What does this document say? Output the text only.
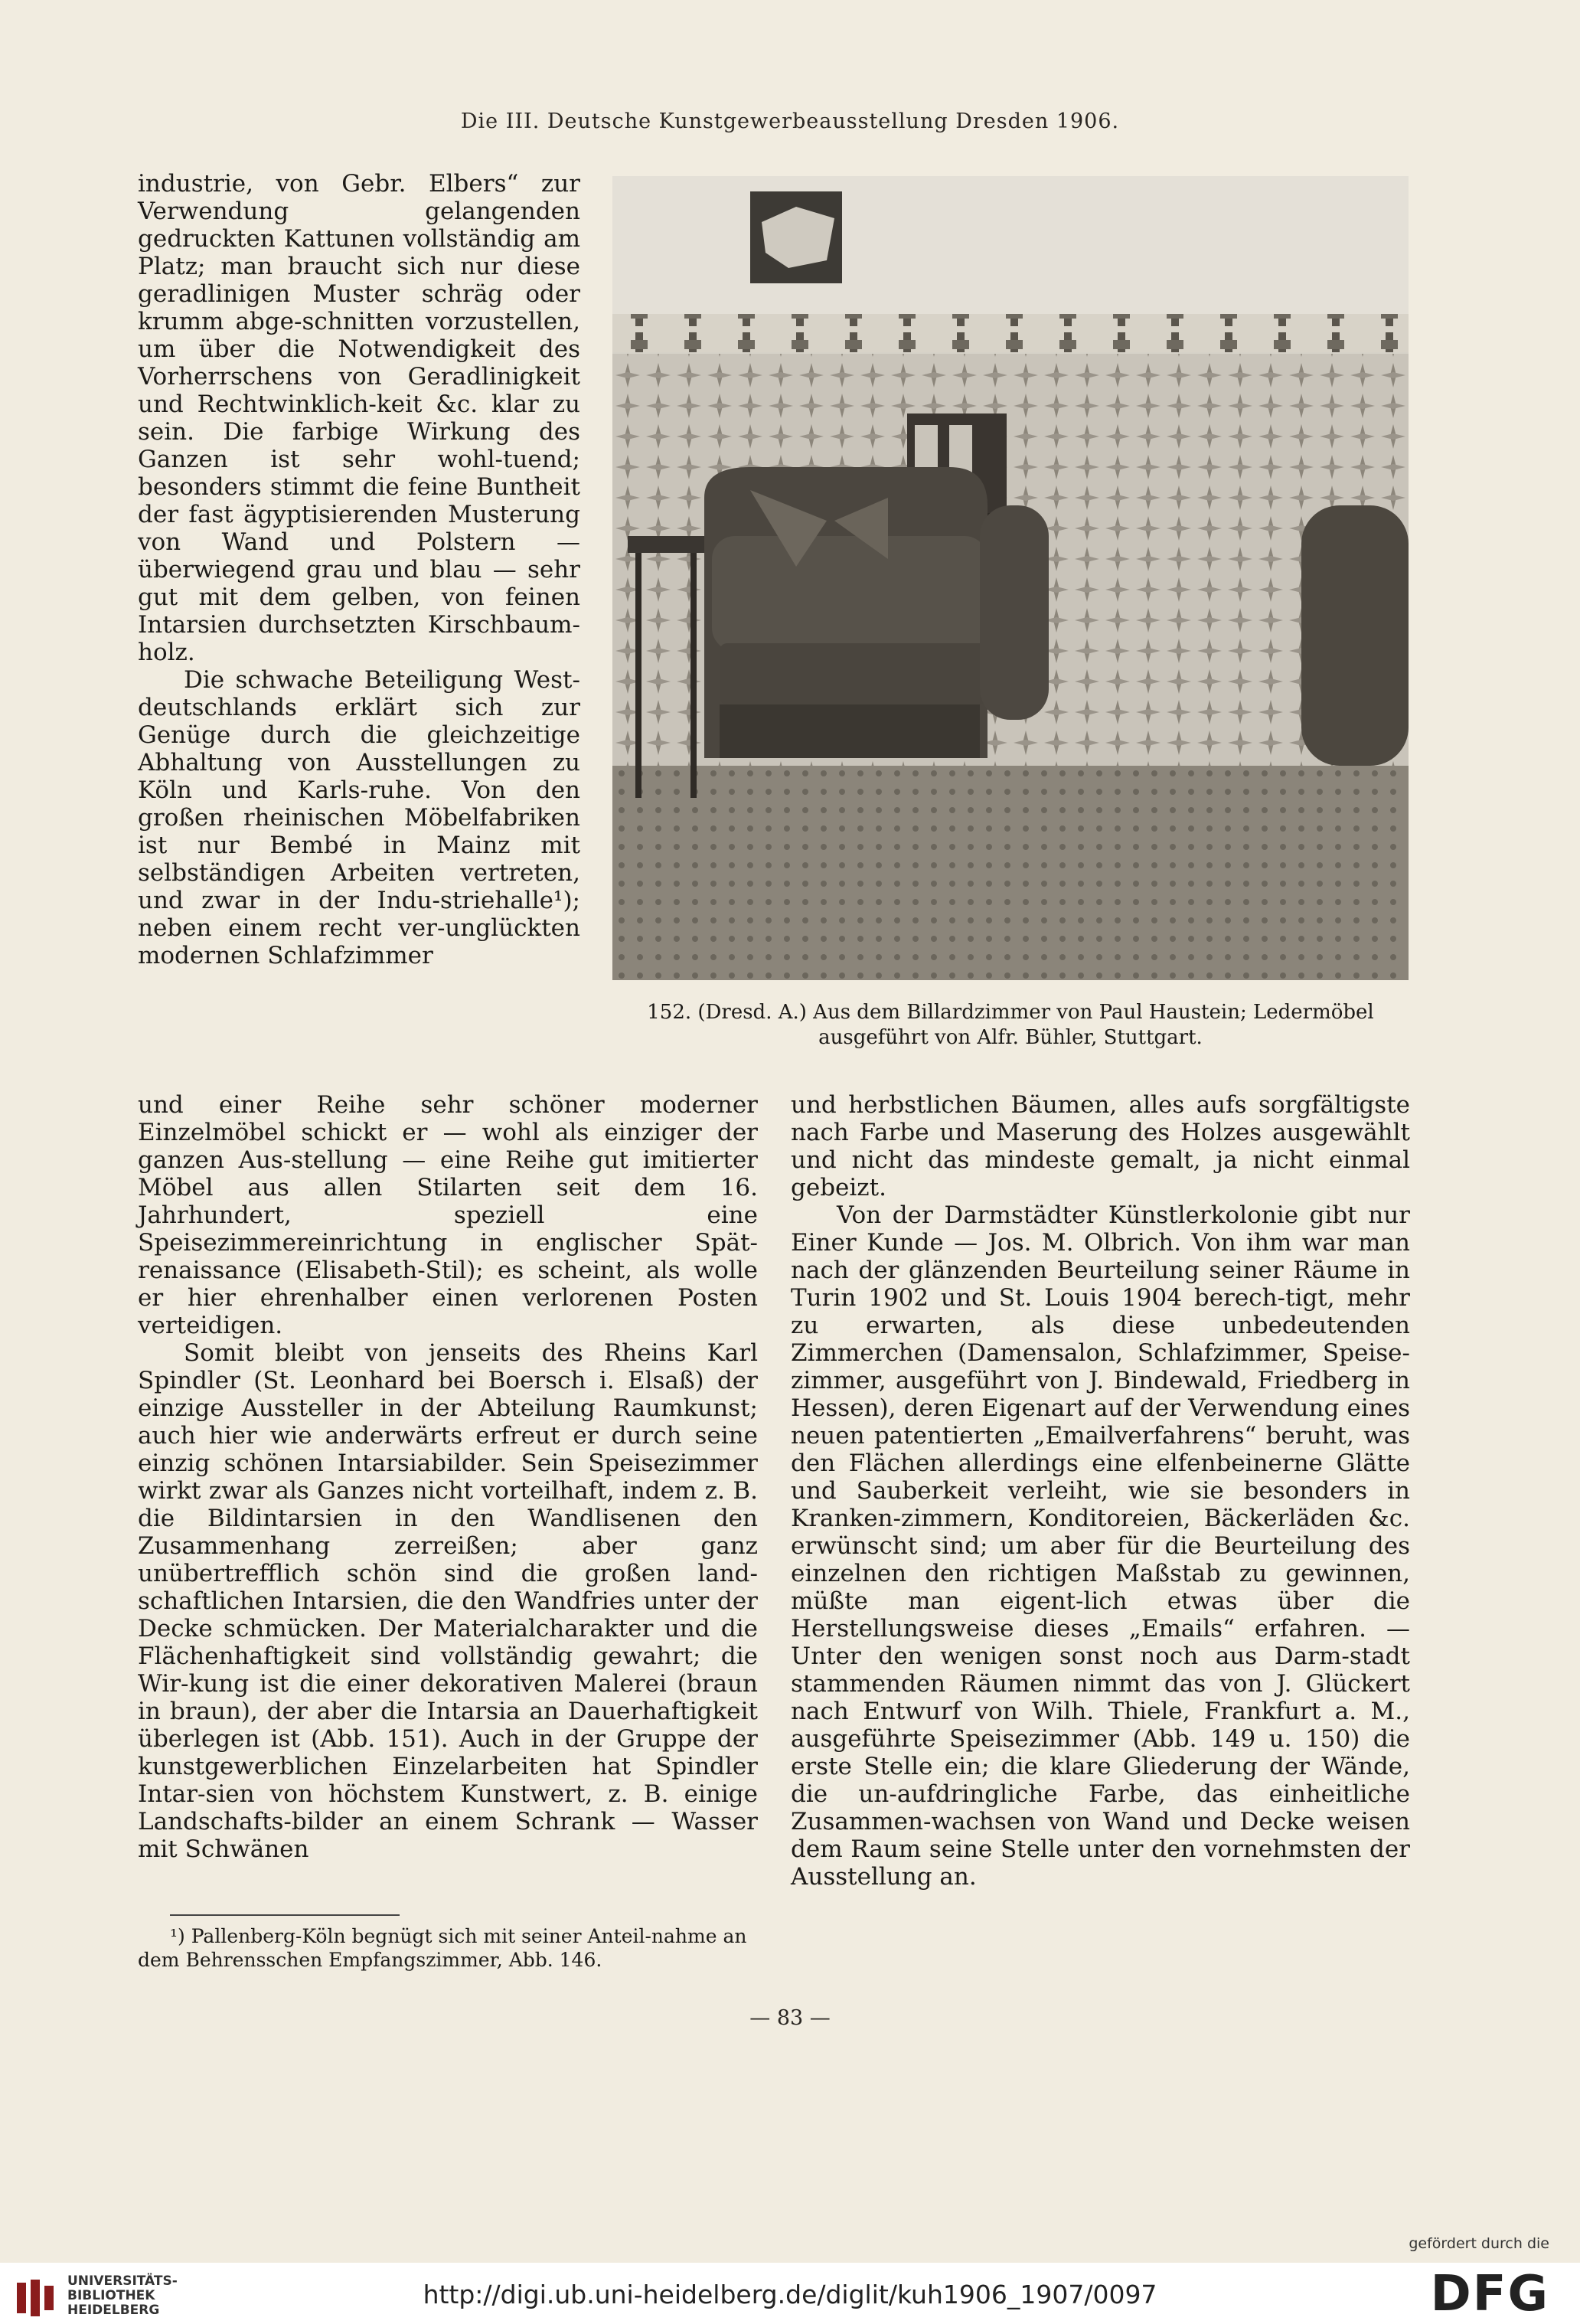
Die III. Deutsche Kunstgewerbeausstellung Dresden 1906.

industrie, von Gebr. Elbers“ zur Verwendung gelangenden gedruckten Kattunen vollständig am Platz; man braucht sich nur diese geradlinigen Muster schräg oder krumm abge-schnitten vorzustellen, um über die Notwendigkeit des Vorherrschens von Geradlinigkeit und Rechtwinklich-keit &c. klar zu sein. Die farbige Wirkung des Ganzen ist sehr wohl-tuend; besonders stimmt die feine Buntheit der fast ägyptisierenden Musterung von Wand und Polstern — überwiegend grau und blau — sehr gut mit dem gelben, von feinen Intarsien durchsetzten Kirschbaum-holz.

Die schwache Beteiligung West-deutschlands erklärt sich zur Genüge durch die gleichzeitige Abhaltung von Ausstellungen zu Köln und Karls-ruhe. Von den großen rheinischen Möbelfabriken ist nur Bembé in Mainz mit selbständigen Arbeiten vertreten, und zwar in der Indu-striehalle¹); neben einem recht ver-unglückten modernen Schlafzimmer

152. (Dresd. A.) Aus dem Billardzimmer von Paul Haustein; Ledermöbel
ausgeführt von Alfr. Bühler, Stuttgart.

und einer Reihe sehr schöner moderner Einzelmöbel schickt er — wohl als einziger der ganzen Aus-stellung — eine Reihe gut imitierter Möbel aus allen Stilarten seit dem 16. Jahrhundert, speziell eine Speisezimmereinrichtung in englischer Spät-renaissance (Elisabeth-Stil); es scheint, als wolle er hier ehrenhalber einen verlorenen Posten verteidigen.

Somit bleibt von jenseits des Rheins Karl Spindler (St. Leonhard bei Boersch i. Elsaß) der einzige Aussteller in der Abteilung Raumkunst; auch hier wie anderwärts erfreut er durch seine einzig schönen Intarsiabilder. Sein Speisezimmer wirkt zwar als Ganzes nicht vorteilhaft, indem z. B. die Bildintarsien in den Wandlisenen den Zusammenhang zerreißen; aber ganz unübertrefflich schön sind die großen land-schaftlichen Intarsien, die den Wandfries unter der Decke schmücken. Der Materialcharakter und die Flächenhaftigkeit sind vollständig gewahrt; die Wir-kung ist die einer dekorativen Malerei (braun in braun), der aber die Intarsia an Dauerhaftigkeit überlegen ist (Abb. 151). Auch in der Gruppe der kunstgewerblichen Einzelarbeiten hat Spindler Intar-sien von höchstem Kunstwert, z. B. einige Landschafts-bilder an einem Schrank — Wasser mit Schwänen

und herbstlichen Bäumen, alles aufs sorgfältigste nach Farbe und Maserung des Holzes ausgewählt und nicht das mindeste gemalt, ja nicht einmal gebeizt.

Von der Darmstädter Künstlerkolonie gibt nur Einer Kunde — Jos. M. Olbrich. Von ihm war man nach der glänzenden Beurteilung seiner Räume in Turin 1902 und St. Louis 1904 berech-tigt, mehr zu erwarten, als diese unbedeutenden Zimmerchen (Damensalon, Schlafzimmer, Speise-zimmer, ausgeführt von J. Bindewald, Friedberg in Hessen), deren Eigenart auf der Verwendung eines neuen patentierten „Emailverfahrens“ beruht, was den Flächen allerdings eine elfenbeinerne Glätte und Sauberkeit verleiht, wie sie besonders in Kranken-zimmern, Konditoreien, Bäckerläden &c. erwünscht sind; um aber für die Beurteilung des einzelnen den richtigen Maßstab zu gewinnen, müßte man eigent-lich etwas über die Herstellungsweise dieses „Emails“ erfahren. — Unter den wenigen sonst noch aus Darm-stadt stammenden Räumen nimmt das von J. Glückert nach Entwurf von Wilh. Thiele, Frankfurt a. M., ausgeführte Speisezimmer (Abb. 149 u. 150) die erste Stelle ein; die klare Gliederung der Wände, die un-aufdringliche Farbe, das einheitliche Zusammen-wachsen von Wand und Decke weisen dem Raum seine Stelle unter den vornehmsten der Ausstellung an.

¹) Pallenberg-Köln begnügt sich mit seiner Anteil-nahme an dem Behrensschen Empfangszimmer, Abb. 146.
— 83 —
UNIVERSITÄTS-
BIBLIOTHEK
HEIDELBERG
http://digi.ub.uni-heidelberg.de/diglit/kuh1906_1907/0097
gefördert durch die
DFG
